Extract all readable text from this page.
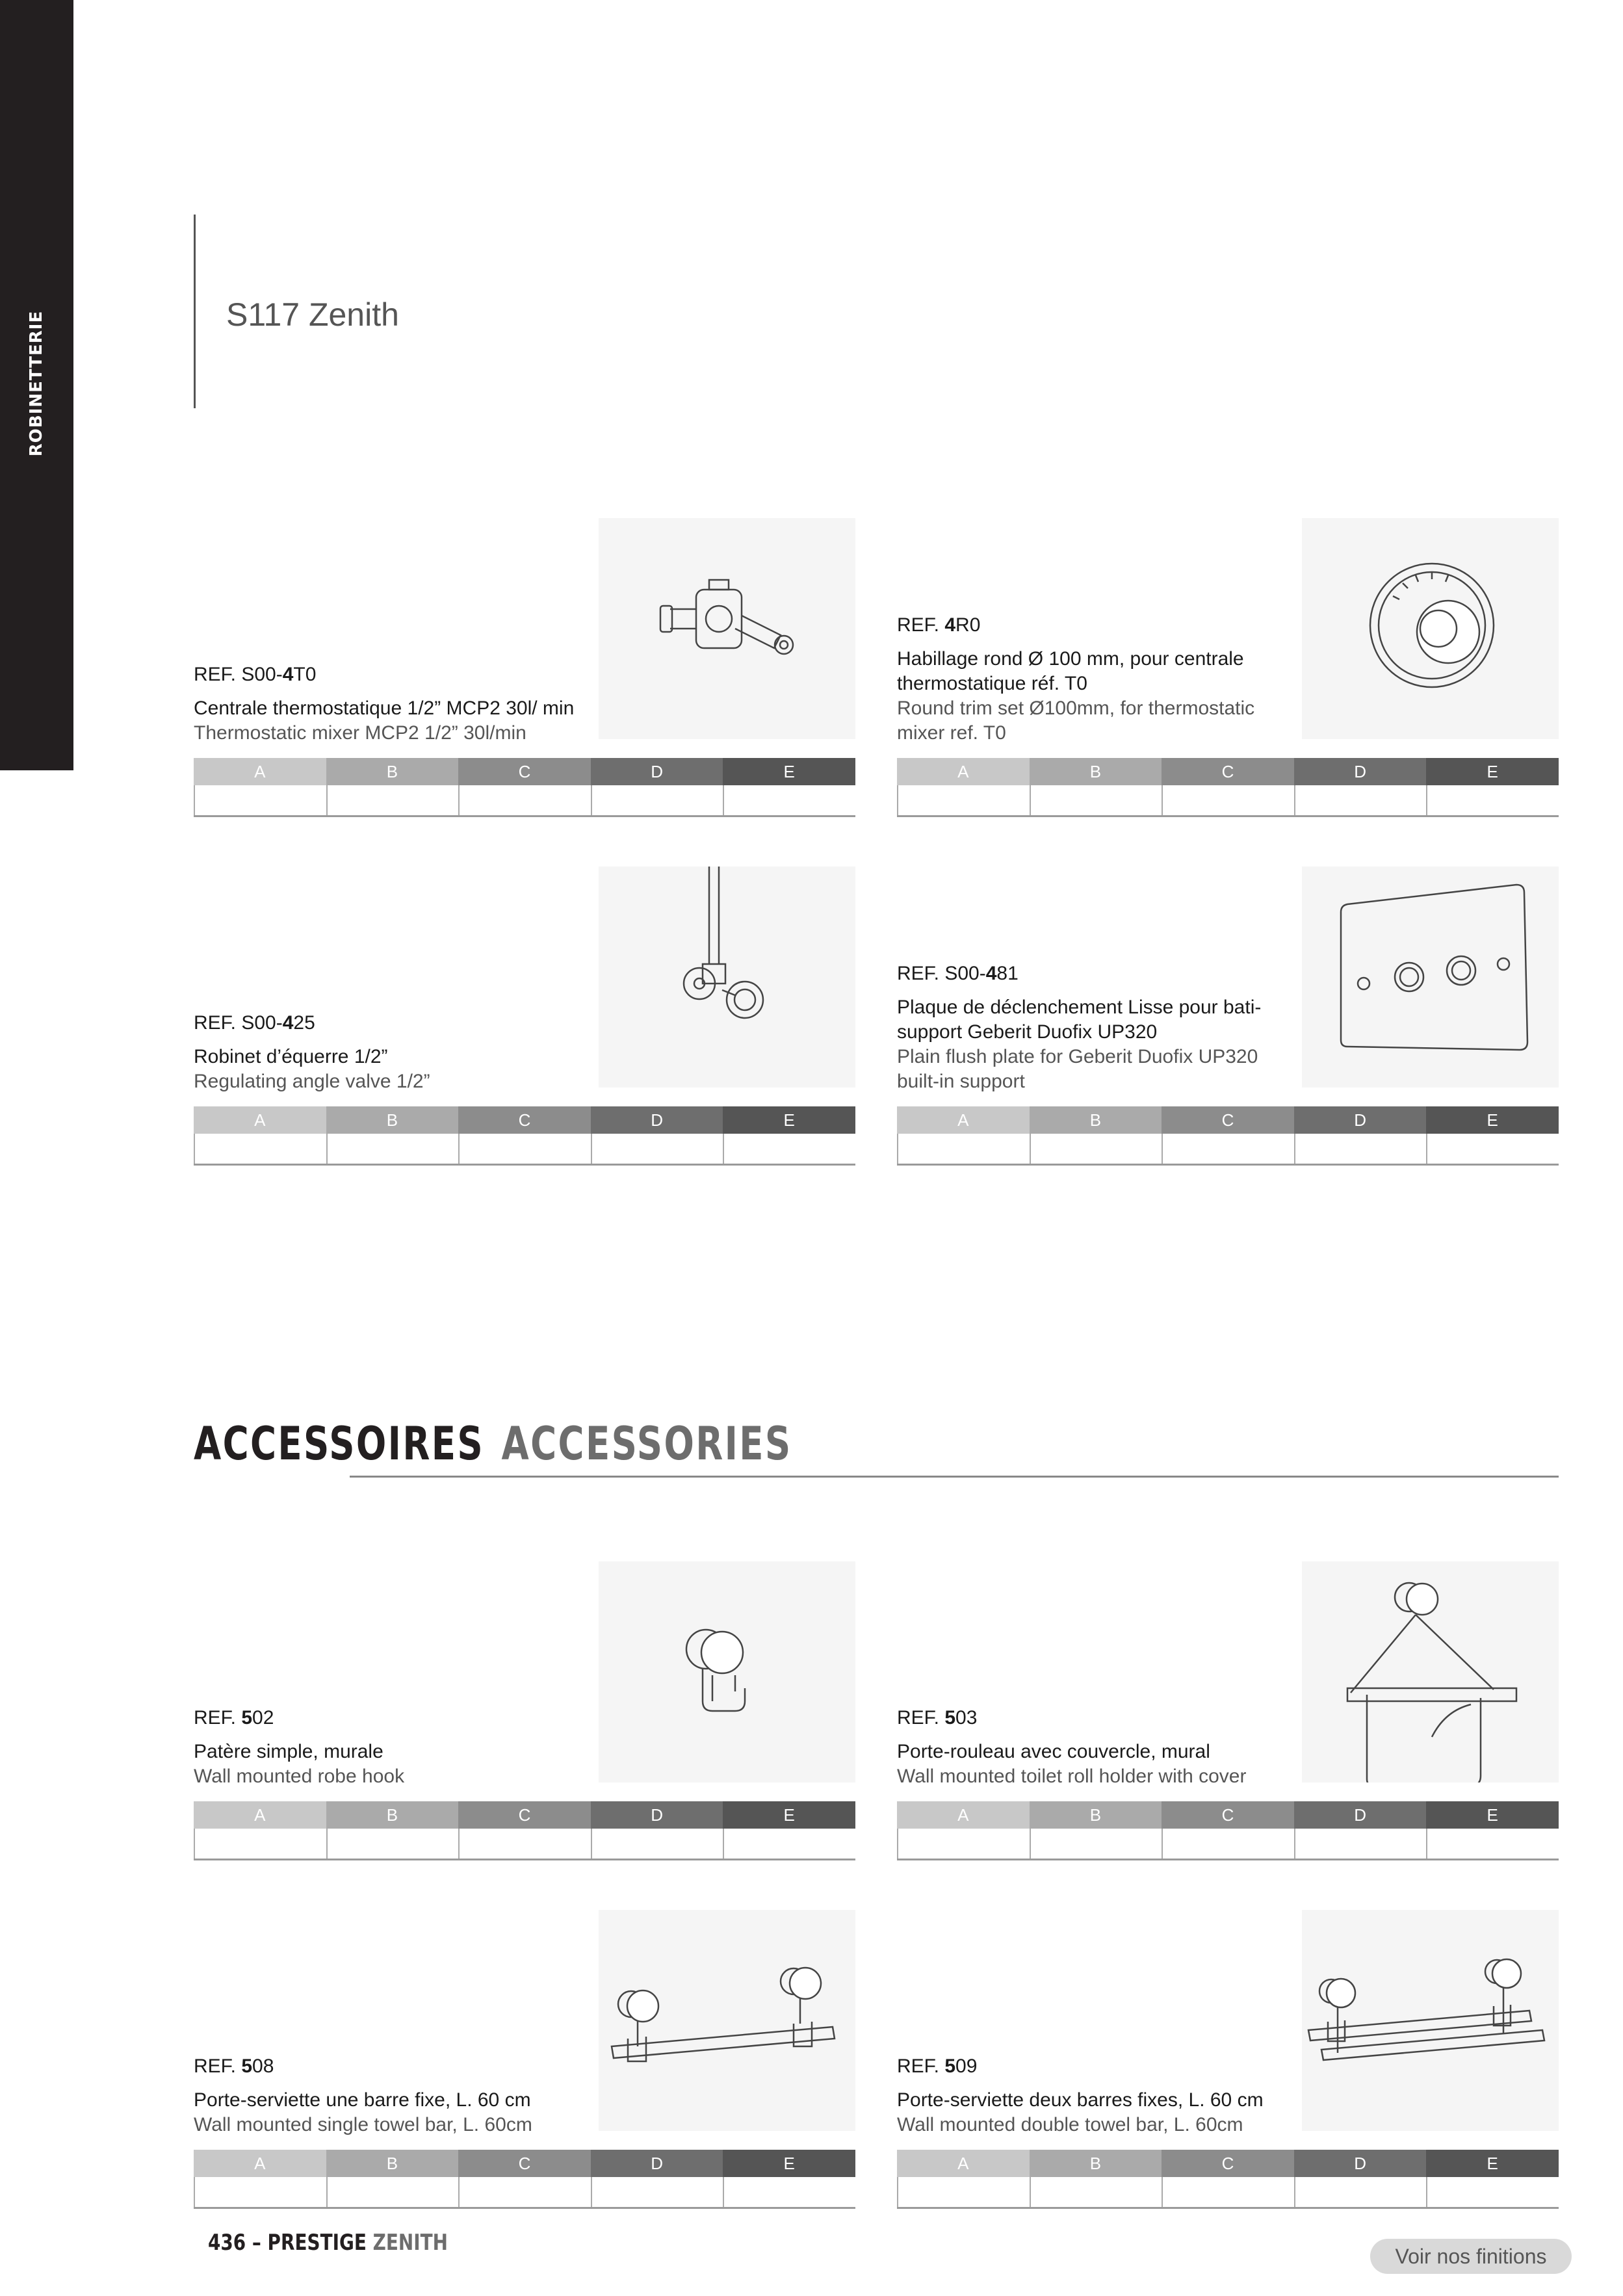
ROBINETTERIE	S117 Zenith
REF. S00-4T0
Centrale thermostatique 1/2” MCP2 30l/ min
Thermostatic mixer MCP2 1/2” 30l/min
A	B	C	D	E
REF. 4R0
Habillage rond Ø 100 mm, pour centrale thermostatique réf. T0
Round trim set Ø100mm, for thermostatic mixer ref. T0
A	B	C	D	E
REF. S00-425
Robinet d’équerre 1/2”
Regulating angle valve 1/2”
A	B	C	D	E
REF. S00-481
Plaque de déclenchement Lisse pour bati-support Geberit Duofix UP320
Plain flush plate for Geberit Duofix UP320 built-in support
A	B	C	D	E
ACCESSOIRES ACCESSORIES
REF. 502
Patère simple, murale
Wall mounted robe hook
A	B	C	D	E
REF. 503
Porte-rouleau avec couvercle, mural
Wall mounted toilet roll holder with cover
A	B	C	D	E
REF. 508
Porte-serviette une barre fixe, L. 60 cm
Wall mounted single towel bar, L. 60cm
A	B	C	D	E
REF. 509
Porte-serviette deux barres fixes, L. 60 cm
Wall mounted double towel bar, L. 60cm
A	B	C	D	E
436 – PRESTIGE ZENITH
Voir nos finitions
